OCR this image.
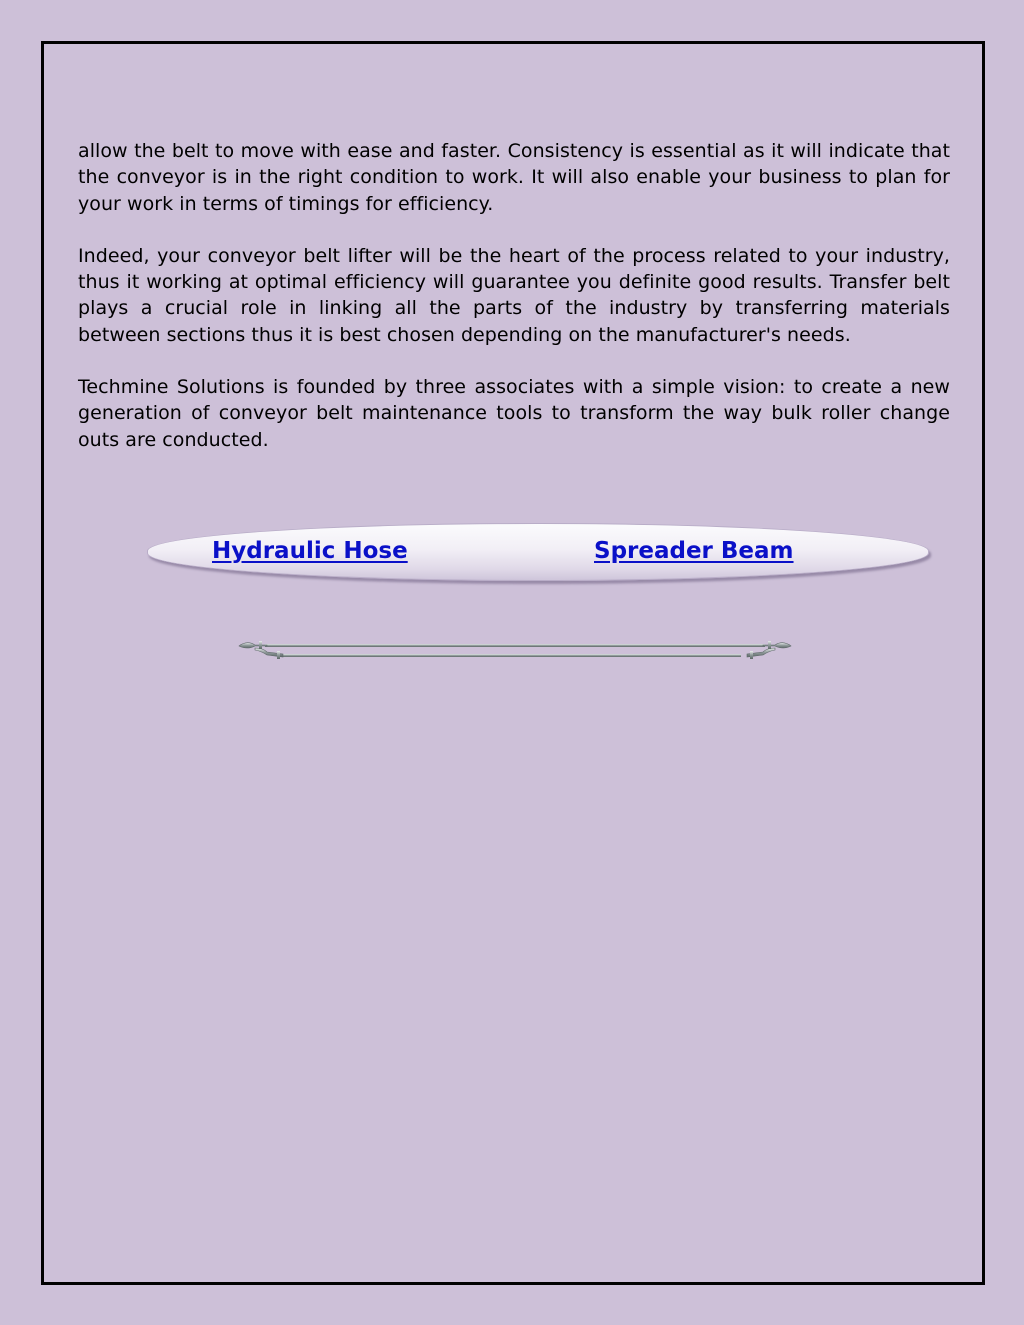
allow the belt to move with ease and faster. Consistency is essential as it will indicate that the conveyor is in the right condition to work. It will also enable your business to plan for your work in terms of timings for efficiency.

Indeed, your conveyor belt lifter will be the heart of the process related to your industry, thus it working at optimal efficiency will guarantee you definite good results. Transfer belt plays a crucial role in linking all the parts of the industry by transferring materials between sections thus it is best chosen depending on the manufacturer's needs.

Techmine Solutions is founded by three associates with a simple vision: to create a new generation of conveyor belt maintenance tools to transform the way bulk roller change outs are conducted.

Hydraulic Hose	Spreader Beam
